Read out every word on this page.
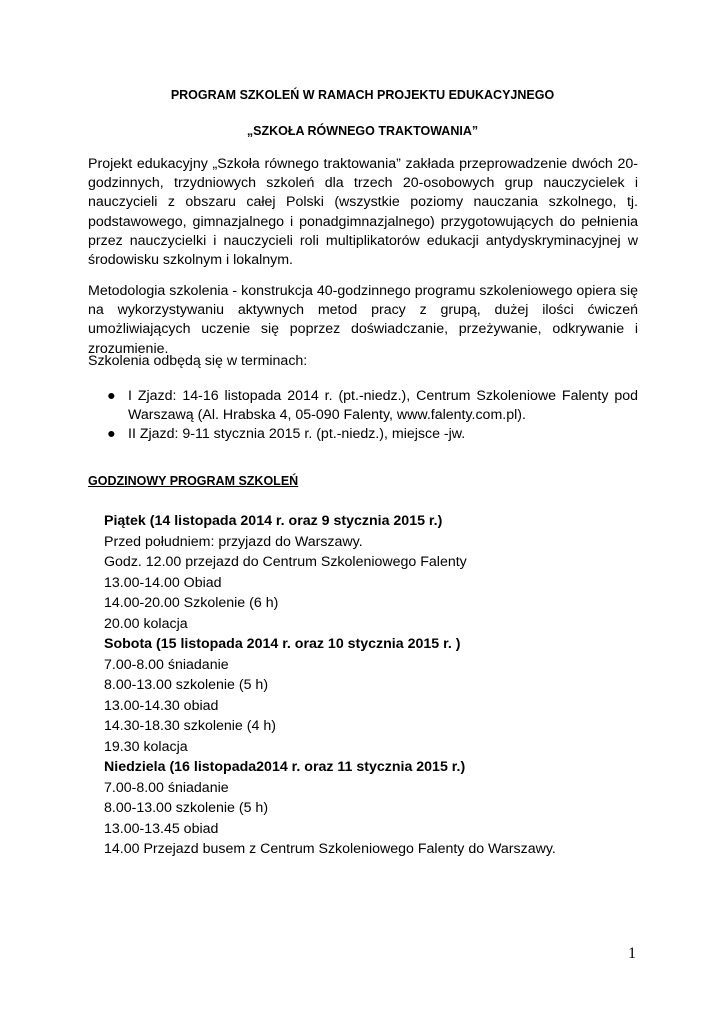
PROGRAM SZKOLEŃ W RAMACH PROJEKTU EDUKACYJNEGO
„SZKOŁA RÓWNEGO TRAKTOWANIA”
Projekt edukacyjny „Szkoła równego traktowania” zakłada przeprowadzenie dwóch 20-godzinnych, trzydniowych szkoleń dla trzech 20-osobowych grup nauczycielek i nauczycieli z obszaru całej Polski (wszystkie poziomy nauczania szkolnego, tj. podstawowego, gimnazjalnego i ponadgimnazjalnego) przygotowujących do pełnienia przez nauczycielki i nauczycieli roli multiplikatorów edukacji antydyskryminacyjnej w środowisku szkolnym i lokalnym.
Metodologia szkolenia - konstrukcja 40-godzinnego programu szkoleniowego opiera się na wykorzystywaniu aktywnych metod pracy z grupą, dużej ilości ćwiczeń umożliwiających uczenie się poprzez doświadczanie, przeżywanie, odkrywanie i zrozumienie.
Szkolenia odbędą się w terminach:
● I Zjazd: 14-16 listopada 2014 r. (pt.-niedz.), Centrum Szkoleniowe Falenty pod Warszawą (Al. Hrabska 4, 05-090 Falenty, www.falenty.com.pl).
● II Zjazd: 9-11 stycznia 2015 r. (pt.-niedz.), miejsce -jw.
GODZINOWY PROGRAM SZKOLEŃ
Piątek (14 listopada 2014 r. oraz 9 stycznia 2015 r.)
Przed południem: przyjazd do Warszawy.
Godz. 12.00 przejazd do Centrum Szkoleniowego Falenty
13.00-14.00 Obiad
14.00-20.00 Szkolenie (6 h)
20.00 kolacja
Sobota (15 listopada 2014 r. oraz 10 stycznia 2015 r. )
7.00-8.00 śniadanie
8.00-13.00 szkolenie (5 h)
13.00-14.30 obiad
14.30-18.30 szkolenie (4 h)
19.30 kolacja
Niedziela (16 listopada2014 r. oraz 11 stycznia 2015 r.)
7.00-8.00 śniadanie
8.00-13.00 szkolenie (5 h)
13.00-13.45 obiad
14.00 Przejazd busem z Centrum Szkoleniowego Falenty do Warszawy.
1
